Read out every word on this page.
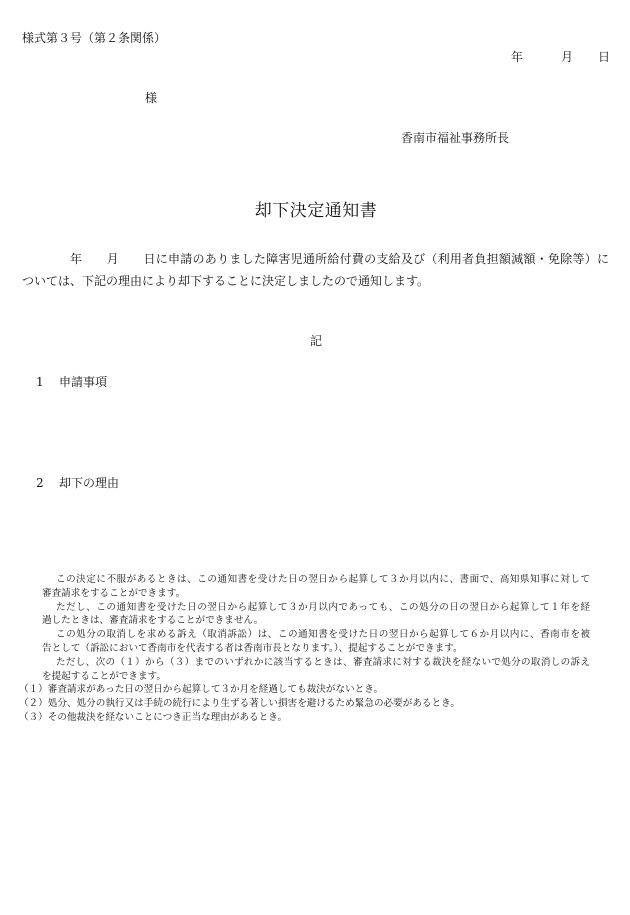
様式第３号（第２条関係）
年	月 日
様
香南市福祉事務所長
却下決定通知書
年　　月　　日に申請のありました障害児通所給付費の支給及び（利用者負担額減額・免除等）に
ついては、下記の理由により却下することに決定しましたので通知します。
記
1 申請事項
2 却下の理由
この決定に不服があるときは、この通知書を受けた日の翌日から起算して３か月以内に、書面で、高知県知事に対して
審査請求をすることができます。
ただし、この通知書を受けた日の翌日から起算して３か月以内であっても、この処分の日の翌日から起算して１年を経
過したときは、審査請求をすることができません。
この処分の取消しを求める訴え（取消訴訟）は、この通知書を受けた日の翌日から起算して６か月以内に、香南市を被
告として（訴訟において香南市を代表する者は香南市長となります。）、提起することができます。
ただし、次の（１）から（３）までのいずれかに該当するときは、審査請求に対する裁決を経ないで処分の取消しの訴え
を提起することができます。
（１）審査請求があった日の翌日から起算して３か月を経過しても裁決がないとき。
（２）処分、処分の執行又は手続の続行により生ずる著しい損害を避けるため緊急の必要があるとき。
（３）その他裁決を経ないことにつき正当な理由があるとき。
